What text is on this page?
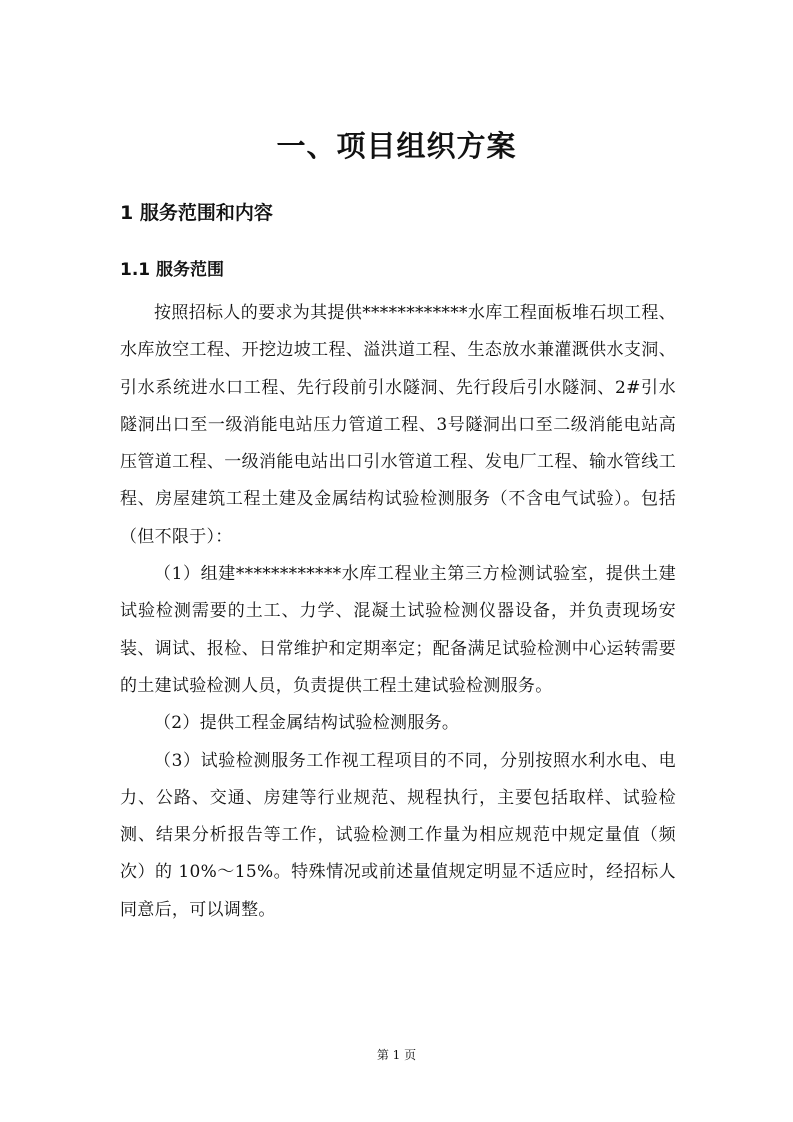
一、项目组织方案
1 服务范围和内容
1.1 服务范围

按照招标人的要求为其提供************水库工程面板堆石坝工程、水库放空工程、开挖边坡工程、溢洪道工程、生态放水兼灌溉供水支洞、引水系统进水口工程、先行段前引水隧洞、先行段后引水隧洞、2#引水隧洞出口至一级消能电站压力管道工程、3号隧洞出口至二级消能电站高压管道工程、一级消能电站出口引水管道工程、发电厂工程、输水管线工程、房屋建筑工程土建及金属结构试验检测服务（不含电气试验）。包括（但不限于）：

（1）组建************水库工程业主第三方检测试验室，提供土建试验检测需要的土工、力学、混凝土试验检测仪器设备，并负责现场安装、调试、报检、日常维护和定期率定；配备满足试验检测中心运转需要的土建试验检测人员，负责提供工程土建试验检测服务。

（2）提供工程金属结构试验检测服务。

（3）试验检测服务工作视工程项目的不同，分别按照水利水电、电力、公路、交通、房建等行业规范、规程执行，主要包括取样、试验检测、结果分析报告等工作，试验检测工作量为相应规范中规定量值（频次）的 10%～15%。特殊情况或前述量值规定明显不适应时，经招标人同意后，可以调整。

第 1 页
